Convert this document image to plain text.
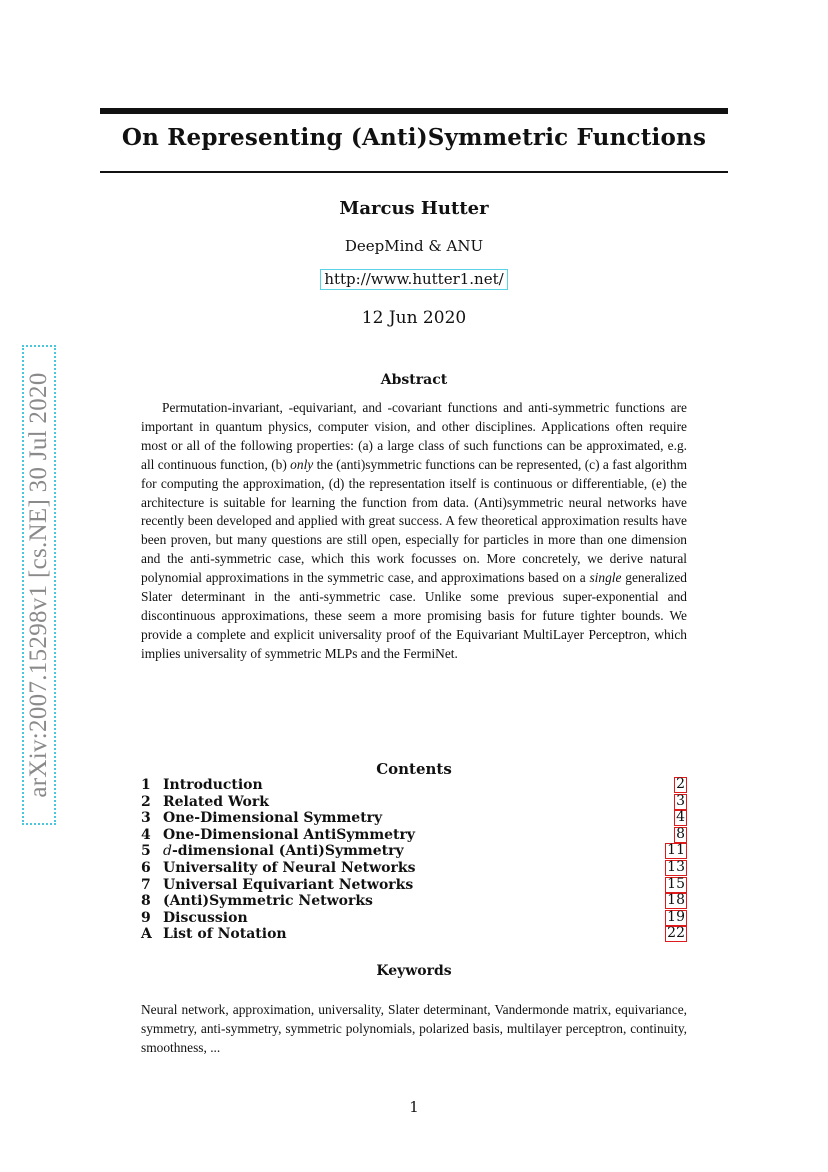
On Representing (Anti)Symmetric Functions
Marcus Hutter
DeepMind & ANU
http://www.hutter1.net/
12 Jun 2020
arXiv:2007.15298v1 [cs.NE] 30 Jul 2020	Abstract
Permutation-invariant, -equivariant, and -covariant functions and anti-symmetric functions are important in quantum physics, computer vision, and other disciplines. Applications often require most or all of the following properties: (a) a large class of such functions can be approximated, e.g. all continuous function, (b) only the (anti)symmetric functions can be represented, (c) a fast algorithm for computing the approximation, (d) the representation itself is continuous or differentiable, (e) the architecture is suitable for learning the function from data. (Anti)symmetric neural networks have recently been developed and applied with great success. A few theoretical approximation results have been proven, but many questions are still open, especially for particles in more than one dimension and the anti-symmetric case, which this work focusses on. More concretely, we derive natural polynomial approximations in the symmetric case, and approximations based on a single generalized Slater determinant in the anti-symmetric case. Unlike some previous super-exponential and discontinuous approximations, these seem a more promising basis for future tighter bounds. We provide a complete and explicit universality proof of the Equivariant MultiLayer Perceptron, which implies universality of symmetric MLPs and the FermiNet.
Contents
1 Introduction	2
2 Related Work	3
3 One-Dimensional Symmetry	4
4 One-Dimensional AntiSymmetry	8
5 d-dimensional (Anti)Symmetry	11
6 Universality of Neural Networks	13
7 Universal Equivariant Networks	15
8 (Anti)Symmetric Networks	18
9 Discussion	19
A List of Notation	22
Keywords
Neural network, approximation, universality, Slater determinant, Vandermonde matrix, equivariance, symmetry, anti-symmetry, symmetric polynomials, polarized basis, multilayer perceptron, continuity, smoothness, ...
1
